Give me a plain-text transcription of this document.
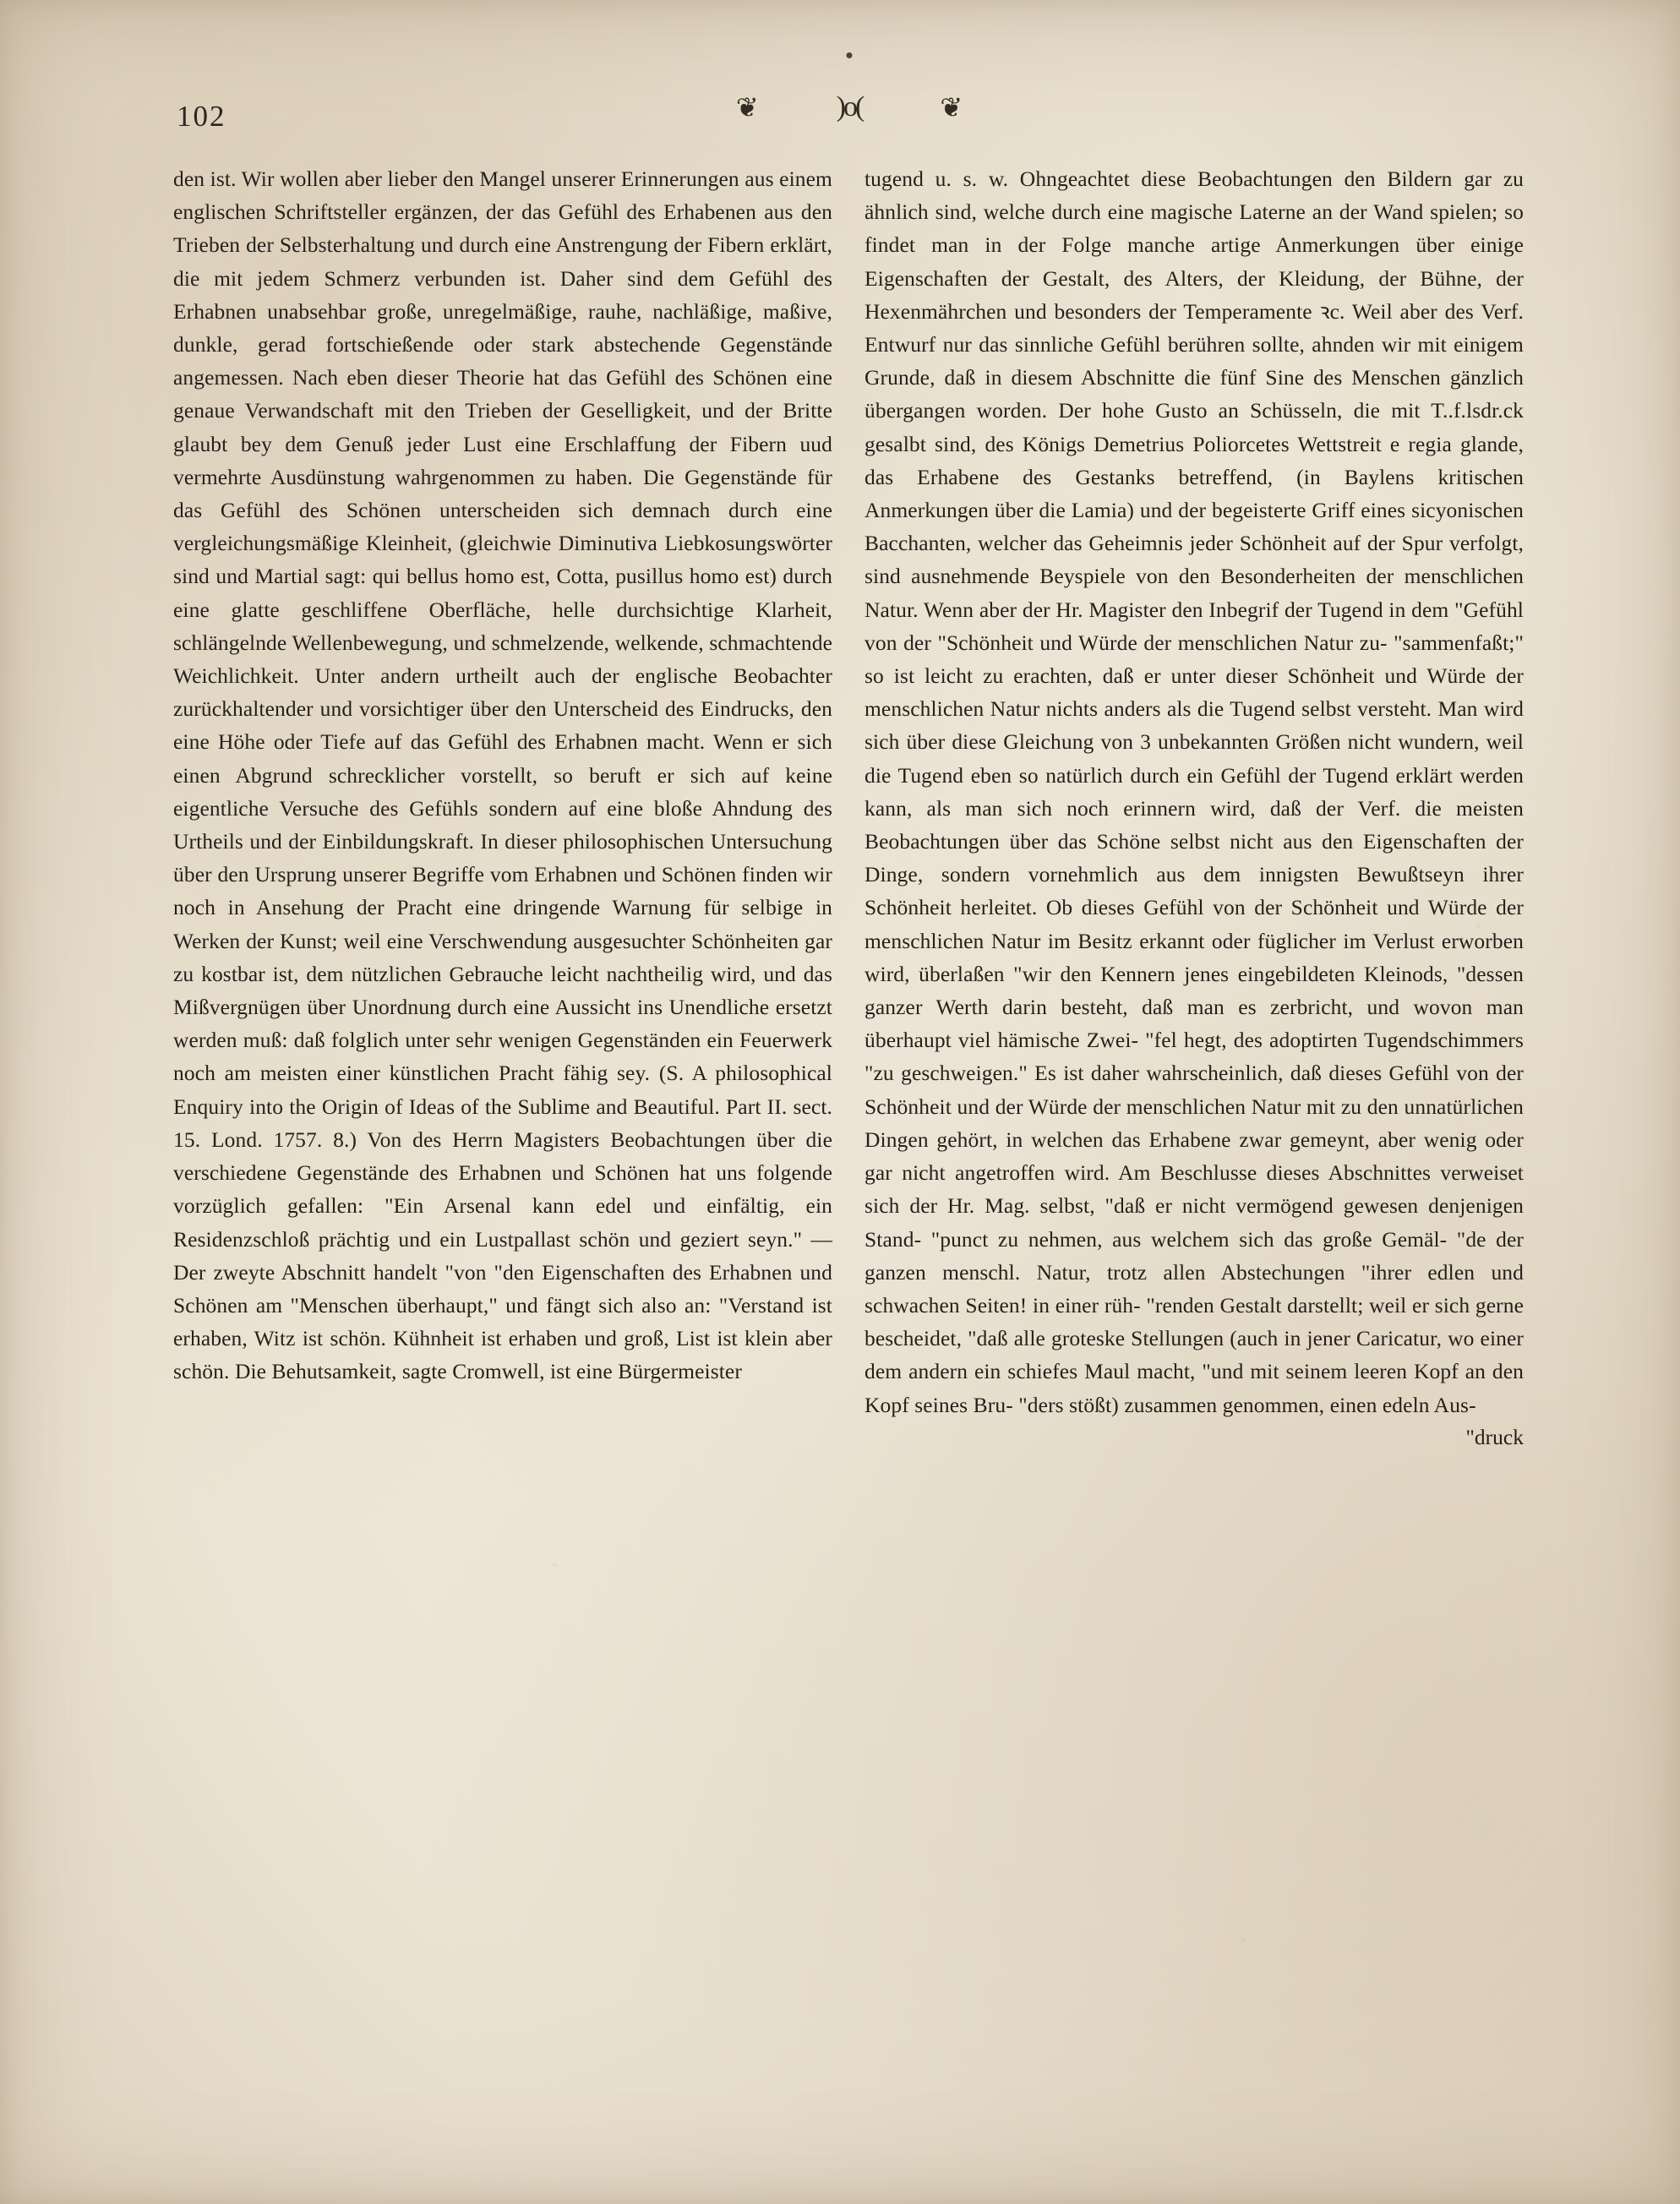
102	❦	)o(	❦

den ist. Wir wollen aber lieber den Mangel unserer Erinnerungen aus einem englischen Schriftsteller ergänzen, der das Gefühl des Erhabenen aus den Trieben der Selbsterhaltung und durch eine Anstrengung der Fibern erklärt, die mit jedem Schmerz verbunden ist. Daher sind dem Gefühl des Erhabnen unabsehbar große, unregelmäßige, rauhe, nachläßige, maßive, dunkle, gerad fortschießende oder stark abstechende Gegenstände angemessen. Nach eben dieser Theorie hat das Gefühl des Schönen eine genaue Verwandschaft mit den Trieben der Geselligkeit, und der Britte glaubt bey dem Genuß jeder Lust eine Erschlaffung der Fibern uud vermehrte Ausdünstung wahrgenommen zu haben. Die Gegenstände für das Gefühl des Schönen unterscheiden sich demnach durch eine vergleichungsmäßige Kleinheit, (gleichwie Diminutiva Liebkosungswörter sind und Martial sagt: qui bellus homo est, Cotta, pusillus homo est) durch eine glatte geschliffene Oberfläche, helle durchsichtige Klarheit, schlängelnde Wellenbewegung, und schmelzende, welkende, schmachtende Weichlichkeit. Unter andern urtheilt auch der englische Beobachter zurückhaltender und vorsichtiger über den Unterscheid des Eindrucks, den eine Höhe oder Tiefe auf das Gefühl des Erhabnen macht. Wenn er sich einen Abgrund schrecklicher vorstellt, so beruft er sich auf keine eigentliche Versuche des Gefühls sondern auf eine bloße Ahndung des Urtheils und der Einbildungskraft. In dieser philosophischen Untersuchung über den Ursprung unserer Begriffe vom Erhabnen und Schönen finden wir noch in Ansehung der Pracht eine dringende Warnung für selbige in Werken der Kunst; weil eine Verschwendung ausgesuchter Schönheiten gar zu kostbar ist, dem nützlichen Gebrauche leicht nachtheilig wird, und das Mißvergnügen über Unordnung durch eine Aussicht ins Unendliche ersetzt werden muß: daß folglich unter sehr wenigen Gegenständen ein Feuerwerk noch am meisten einer künstlichen Pracht fähig sey. (S. A philosophical Enquiry into the Origin of Ideas of the Sublime and Beautiful. Part II. sect. 15. Lond. 1757. 8.) Von des Herrn Magisters Beobachtungen über die verschiedene Gegenstände des Erhabnen und Schönen hat uns folgende vorzüglich gefallen: "Ein Arsenal kann edel und einfältig, ein Residenzschloß prächtig und ein Lustpallast schön und geziert seyn." — Der zweyte Abschnitt handelt "von "den Eigenschaften des Erhabnen und Schönen am "Menschen überhaupt," und fängt sich also an: "Verstand ist erhaben, Witz ist schön. Kühnheit ist erhaben und groß, List ist klein aber schön. Die Behutsamkeit, sagte Cromwell, ist eine Bürgermeister

tugend u. s. w. Ohngeachtet diese Beobachtungen den Bildern gar zu ähnlich sind, welche durch eine magische Laterne an der Wand spielen; so findet man in der Folge manche artige Anmerkungen über einige Eigenschaften der Gestalt, des Alters, der Kleidung, der Bühne, der Hexenmährchen und besonders der Temperamente ꝛc. Weil aber des Verf. Entwurf nur das sinnliche Gefühl berühren sollte, ahnden wir mit einigem Grunde, daß in diesem Abschnitte die fünf Sine des Menschen gänzlich übergangen worden. Der hohe Gusto an Schüsseln, die mit T..f.lsdr.ck gesalbt sind, des Königs Demetrius Poliorcetes Wettstreit e regia glande, das Erhabene des Gestanks betreffend, (in Baylens kritischen Anmerkungen über die Lamia) und der begeisterte Griff eines sicyonischen Bacchanten, welcher das Geheimnis jeder Schönheit auf der Spur verfolgt, sind ausnehmende Beyspiele von den Besonderheiten der menschlichen Natur. Wenn aber der Hr. Magister den Inbegrif der Tugend in dem "Gefühl von der "Schönheit und Würde der menschlichen Natur zu- "sammenfaßt;" so ist leicht zu erachten, daß er unter dieser Schönheit und Würde der menschlichen Natur nichts anders als die Tugend selbst versteht. Man wird sich über diese Gleichung von 3 unbekannten Größen nicht wundern, weil die Tugend eben so natürlich durch ein Gefühl der Tugend erklärt werden kann, als man sich noch erinnern wird, daß der Verf. die meisten Beobachtungen über das Schöne selbst nicht aus den Eigenschaften der Dinge, sondern vornehmlich aus dem innigsten Bewußtseyn ihrer Schönheit herleitet. Ob dieses Gefühl von der Schönheit und Würde der menschlichen Natur im Besitz erkannt oder füglicher im Verlust erworben wird, überlaßen "wir den Kennern jenes eingebildeten Kleinods, "dessen ganzer Werth darin besteht, daß man es zerbricht, und wovon man überhaupt viel hämische Zwei- "fel hegt, des adoptirten Tugendschimmers "zu geschweigen." Es ist daher wahrscheinlich, daß dieses Gefühl von der Schönheit und der Würde der menschlichen Natur mit zu den unnatürlichen Dingen gehört, in welchen das Erhabene zwar gemeynt, aber wenig oder gar nicht angetroffen wird. Am Beschlusse dieses Abschnittes verweiset sich der Hr. Mag. selbst, "daß er nicht vermögend gewesen denjenigen Stand- "punct zu nehmen, aus welchem sich das große Gemäl- "de der ganzen menschl. Natur, trotz allen Abstechungen "ihrer edlen und schwachen Seiten! in einer rüh- "renden Gestalt darstellt; weil er sich gerne bescheidet, "daß alle groteske Stellungen (auch in jener Caricatur, wo einer dem andern ein schiefes Maul macht, "und mit seinem leeren Kopf an den Kopf seines Bru- "ders stößt) zusammen genommen, einen edeln Aus-

"druck
